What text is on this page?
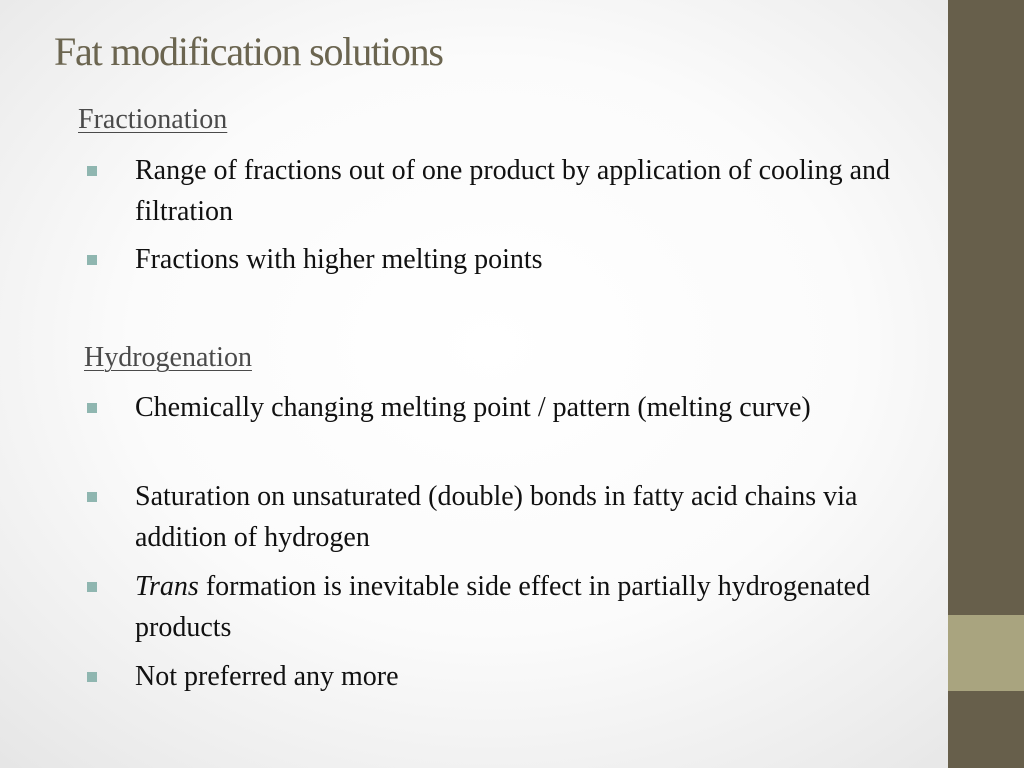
Fat modification solutions
Fractionation
Range of fractions out of one product by application of cooling and filtration
Fractions with higher melting points
Hydrogenation
Chemically changing melting point / pattern (melting curve)
Saturation on unsaturated (double) bonds in fatty acid chains via addition of hydrogen
Trans formation is inevitable side effect in partially hydrogenated products
Not preferred any more
